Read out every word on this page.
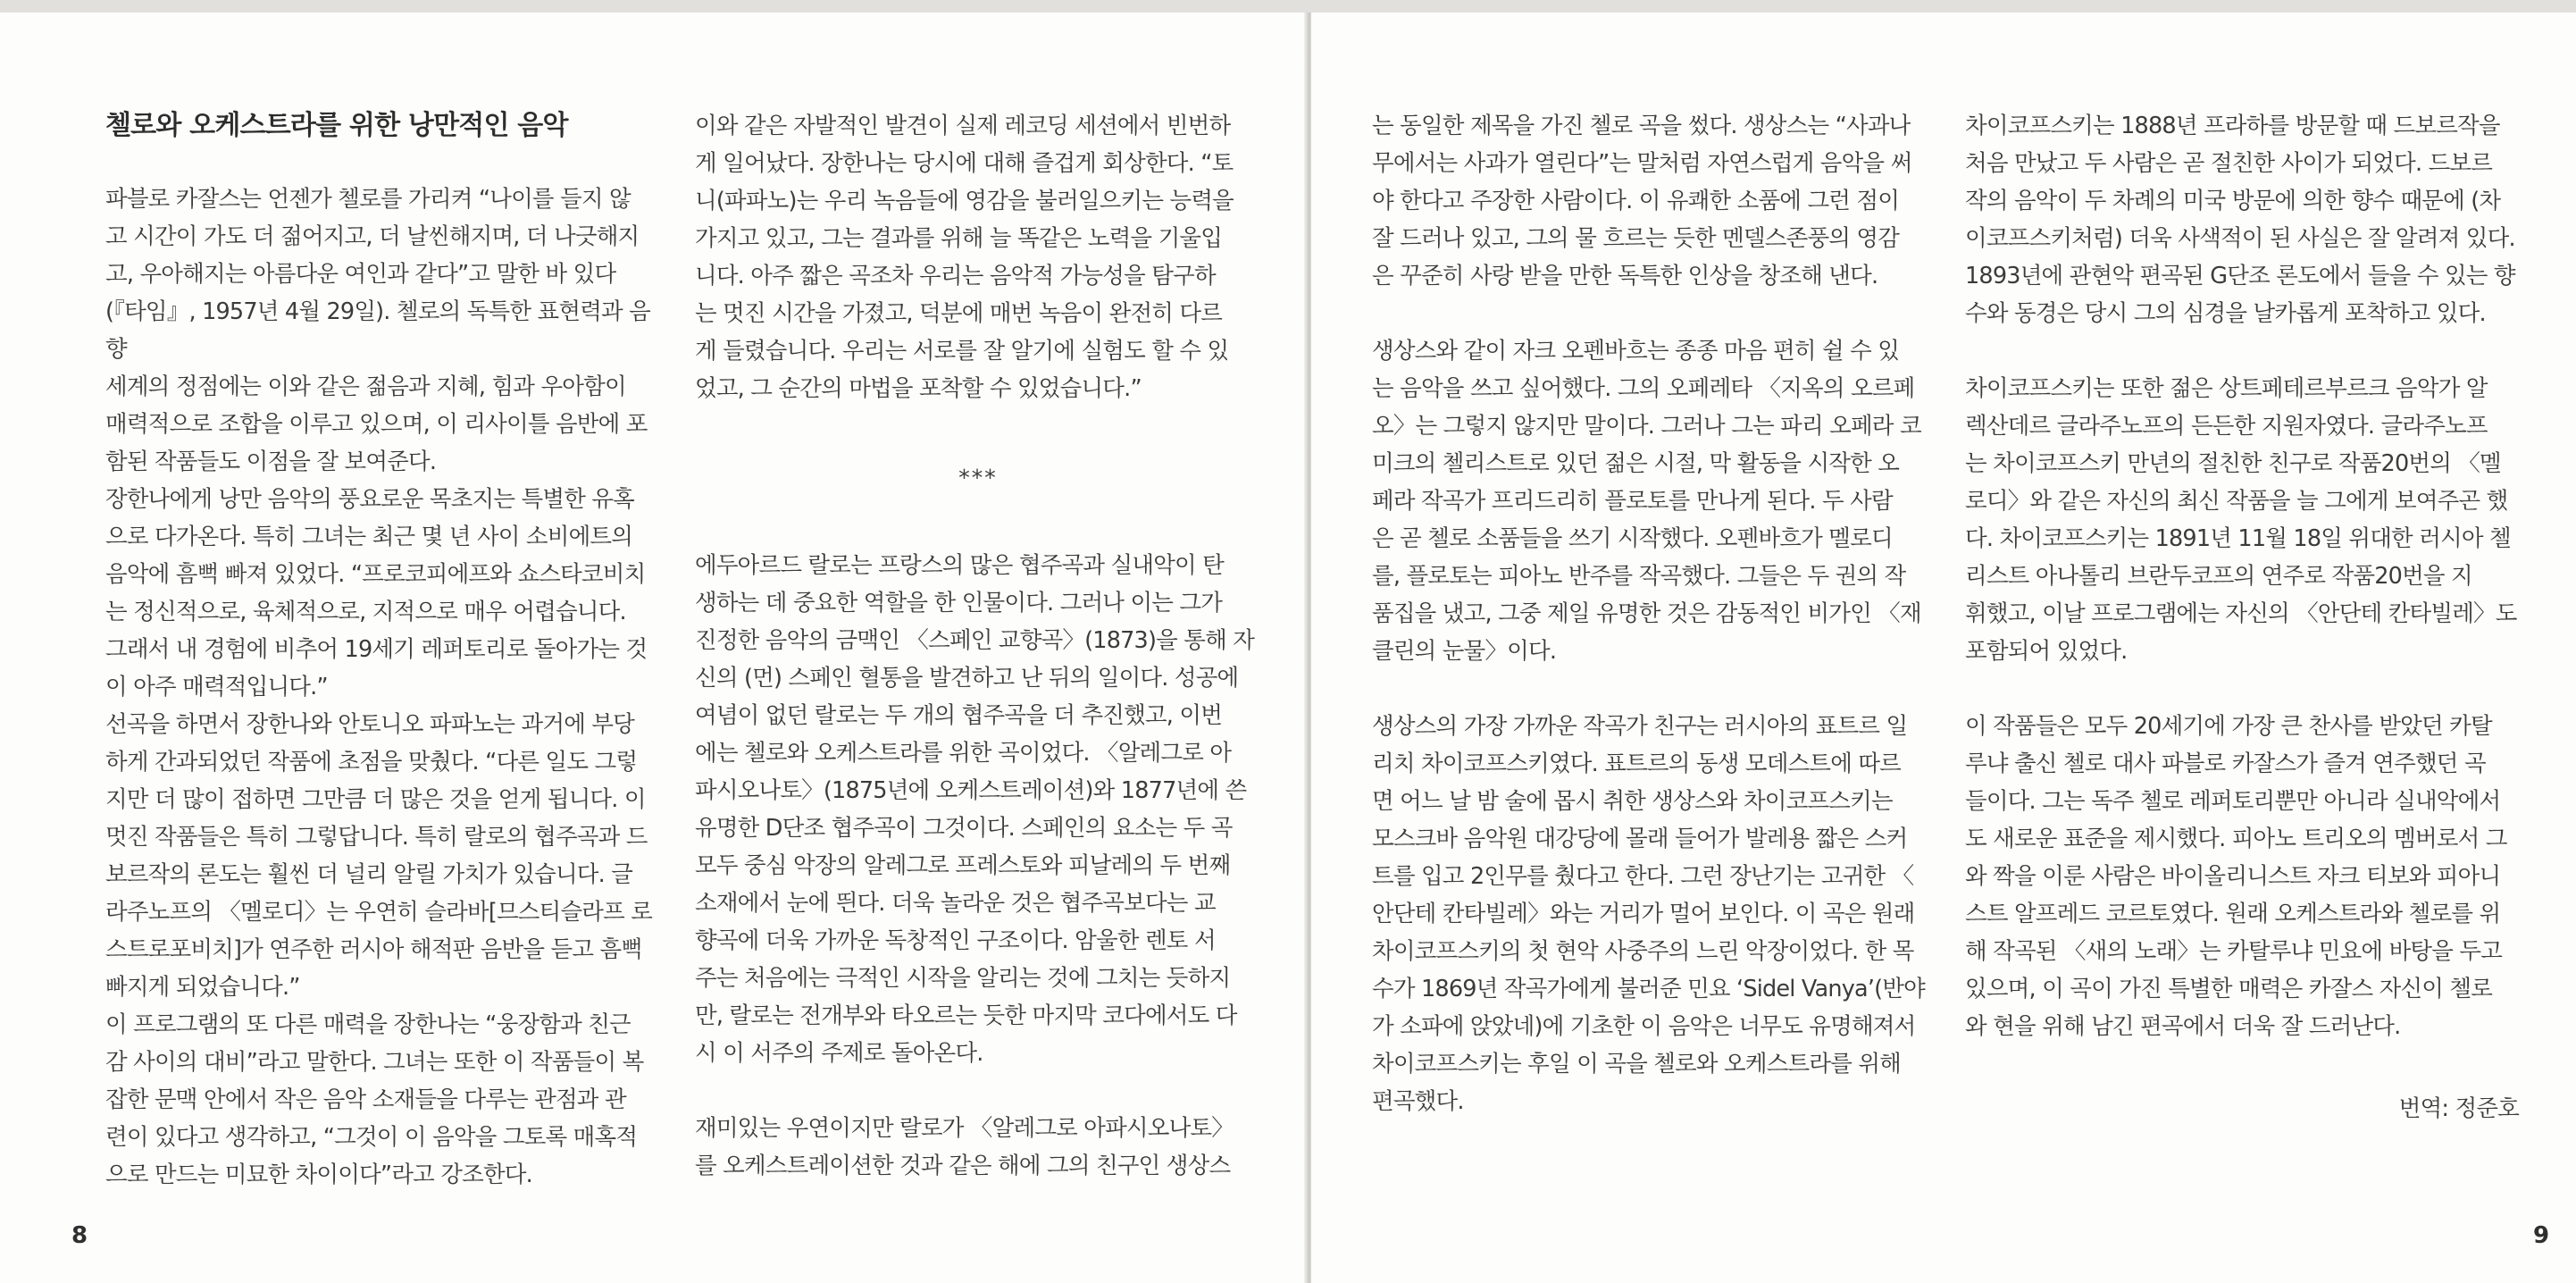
첼로와 오케스트라를 위한 낭만적인 음악

파블로 카잘스는 언젠가 첼로를 가리켜 “나이를 들지 않
고 시간이 가도 더 젊어지고, 더 날씬해지며, 더 나긋해지
고, 우아해지는 아름다운 여인과 같다”고 말한 바 있다
(『타임』, 1957년 4월 29일). 첼로의 독특한 표현력과 음향
세계의 정점에는 이와 같은 젊음과 지혜, 힘과 우아함이
매력적으로 조합을 이루고 있으며, 이 리사이틀 음반에 포
함된 작품들도 이점을 잘 보여준다.

장한나에게 낭만 음악의 풍요로운 목초지는 특별한 유혹
으로 다가온다. 특히 그녀는 최근 몇 년 사이 소비에트의
음악에 흠뻑 빠져 있었다. “프로코피에프와 쇼스타코비치
는 정신적으로, 육체적으로, 지적으로 매우 어렵습니다.
그래서 내 경험에 비추어 19세기 레퍼토리로 돌아가는 것
이 아주 매력적입니다.”

선곡을 하면서 장한나와 안토니오 파파노는 과거에 부당
하게 간과되었던 작품에 초점을 맞췄다. “다른 일도 그렇
지만 더 많이 접하면 그만큼 더 많은 것을 얻게 됩니다. 이
멋진 작품들은 특히 그렇답니다. 특히 랄로의 협주곡과 드
보르작의 론도는 훨씬 더 널리 알릴 가치가 있습니다. 글
라주노프의 〈멜로디〉는 우연히 슬라바[므스티슬라프 로
스트로포비치]가 연주한 러시아 해적판 음반을 듣고 흠뻑
빠지게 되었습니다.”

이 프로그램의 또 다른 매력을 장한나는 “웅장함과 친근
감 사이의 대비”라고 말한다. 그녀는 또한 이 작품들이 복
잡한 문맥 안에서 작은 음악 소재들을 다루는 관점과 관
련이 있다고 생각하고, “그것이 이 음악을 그토록 매혹적
으로 만드는 미묘한 차이이다”라고 강조한다.

이와 같은 자발적인 발견이 실제 레코딩 세션에서 빈번하
게 일어났다. 장한나는 당시에 대해 즐겁게 회상한다. “토
니(파파노)는 우리 녹음들에 영감을 불러일으키는 능력을
가지고 있고, 그는 결과를 위해 늘 똑같은 노력을 기울입
니다. 아주 짧은 곡조차 우리는 음악적 가능성을 탐구하
는 멋진 시간을 가졌고, 덕분에 매번 녹음이 완전히 다르
게 들렸습니다. 우리는 서로를 잘 알기에 실험도 할 수 있
었고, 그 순간의 마법을 포착할 수 있었습니다.”

***

에두아르드 랄로는 프랑스의 많은 협주곡과 실내악이 탄
생하는 데 중요한 역할을 한 인물이다. 그러나 이는 그가
진정한 음악의 금맥인 〈스페인 교향곡〉(1873)을 통해 자
신의 (먼) 스페인 혈통을 발견하고 난 뒤의 일이다. 성공에
여념이 없던 랄로는 두 개의 협주곡을 더 추진했고, 이번
에는 첼로와 오케스트라를 위한 곡이었다. 〈알레그로 아
파시오나토〉(1875년에 오케스트레이션)와 1877년에 쓴
유명한 D단조 협주곡이 그것이다. 스페인의 요소는 두 곡
모두 중심 악장의 알레그로 프레스토와 피날레의 두 번째
소재에서 눈에 띈다. 더욱 놀라운 것은 협주곡보다는 교
향곡에 더욱 가까운 독창적인 구조이다. 암울한 렌토 서
주는 처음에는 극적인 시작을 알리는 것에 그치는 듯하지
만, 랄로는 전개부와 타오르는 듯한 마지막 코다에서도 다
시 이 서주의 주제로 돌아온다.

재미있는 우연이지만 랄로가 〈알레그로 아파시오나토〉
를 오케스트레이션한 것과 같은 해에 그의 친구인 생상스

는 동일한 제목을 가진 첼로 곡을 썼다. 생상스는 “사과나
무에서는 사과가 열린다”는 말처럼 자연스럽게 음악을 써
야 한다고 주장한 사람이다. 이 유쾌한 소품에 그런 점이
잘 드러나 있고, 그의 물 흐르는 듯한 멘델스존풍의 영감
은 꾸준히 사랑 받을 만한 독특한 인상을 창조해 낸다.

생상스와 같이 자크 오펜바흐는 종종 마음 편히 쉴 수 있
는 음악을 쓰고 싶어했다. 그의 오페레타 〈지옥의 오르페
오〉는 그렇지 않지만 말이다. 그러나 그는 파리 오페라 코
미크의 첼리스트로 있던 젊은 시절, 막 활동을 시작한 오
페라 작곡가 프리드리히 플로토를 만나게 된다. 두 사람
은 곧 첼로 소품들을 쓰기 시작했다. 오펜바흐가 멜로디
를, 플로토는 피아노 반주를 작곡했다. 그들은 두 권의 작
품집을 냈고, 그중 제일 유명한 것은 감동적인 비가인 〈재
클린의 눈물〉이다.

생상스의 가장 가까운 작곡가 친구는 러시아의 표트르 일
리치 차이코프스키였다. 표트르의 동생 모데스트에 따르
면 어느 날 밤 술에 몹시 취한 생상스와 차이코프스키는
모스크바 음악원 대강당에 몰래 들어가 발레용 짧은 스커
트를 입고 2인무를 췄다고 한다. 그런 장난기는 고귀한 〈
안단테 칸타빌레〉와는 거리가 멀어 보인다. 이 곡은 원래
차이코프스키의 첫 현악 사중주의 느린 악장이었다. 한 목
수가 1869년 작곡가에게 불러준 민요 ‘Sidel Vanya’(반야
가 소파에 앉았네)에 기초한 이 음악은 너무도 유명해져서
차이코프스키는 후일 이 곡을 첼로와 오케스트라를 위해
편곡했다.

차이코프스키는 1888년 프라하를 방문할 때 드보르작을
처음 만났고 두 사람은 곧 절친한 사이가 되었다. 드보르
작의 음악이 두 차례의 미국 방문에 의한 향수 때문에 (차
이코프스키처럼) 더욱 사색적이 된 사실은 잘 알려져 있다.
1893년에 관현악 편곡된 G단조 론도에서 들을 수 있는 향
수와 동경은 당시 그의 심경을 날카롭게 포착하고 있다.

차이코프스키는 또한 젊은 상트페테르부르크 음악가 알
렉산데르 글라주노프의 든든한 지원자였다. 글라주노프
는 차이코프스키 만년의 절친한 친구로 작품20번의 〈멜
로디〉와 같은 자신의 최신 작품을 늘 그에게 보여주곤 했
다. 차이코프스키는 1891년 11월 18일 위대한 러시아 첼
리스트 아나톨리 브란두코프의 연주로 작품20번을 지
휘했고, 이날 프로그램에는 자신의 〈안단테 칸타빌레〉도
포함되어 있었다.

이 작품들은 모두 20세기에 가장 큰 찬사를 받았던 카탈
루냐 출신 첼로 대사 파블로 카잘스가 즐겨 연주했던 곡
들이다. 그는 독주 첼로 레퍼토리뿐만 아니라 실내악에서
도 새로운 표준을 제시했다. 피아노 트리오의 멤버로서 그
와 짝을 이룬 사람은 바이올리니스트 자크 티보와 피아니
스트 알프레드 코르토였다. 원래 오케스트라와 첼로를 위
해 작곡된 〈새의 노래〉는 카탈루냐 민요에 바탕을 두고
있으며, 이 곡이 가진 특별한 매력은 카잘스 자신이 첼로
와 현을 위해 남긴 편곡에서 더욱 잘 드러난다.

번역: 정준호
8	9
